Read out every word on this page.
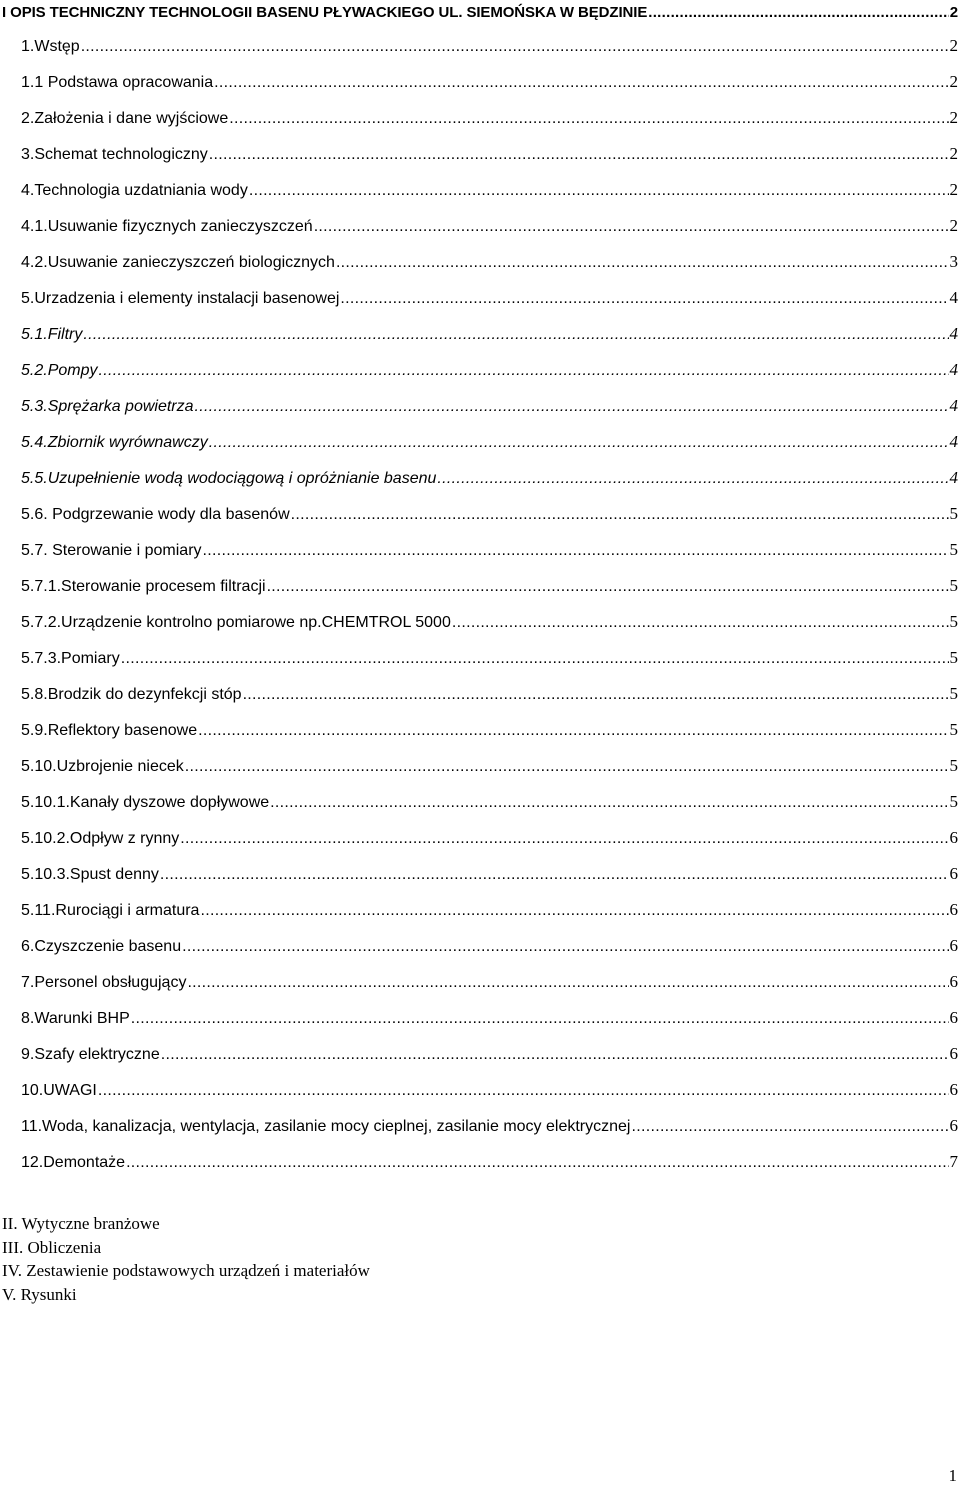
I OPIS TECHNICZNY TECHNOLOGII BASENU PŁYWACKIEGO UL. SIEMOŃSKA W BĘDZINIE .....	2
1.Wstęp .....	2
1.1 Podstawa opracowania .....	2
2.Założenia i dane wyjściowe .....	2
3.Schemat technologiczny .....	2
4.Technologia uzdatniania wody .....	2
4.1.Usuwanie fizycznych zanieczyszczeń .....	2
4.2.Usuwanie zanieczyszczeń biologicznych .....	3
5.Urzadzenia i elementy instalacji basenowej .....	4
5.1.Filtry .....	4
5.2.Pompy .....	4
5.3.Sprężarka powietrza .....	4
5.4.Zbiornik wyrównawczy .....	4
5.5.Uzupełnienie wodą wodociągową i opróżnianie basenu .....	4
5.6. Podgrzewanie wody dla basenów .....	5
5.7. Sterowanie i pomiary .....	5
5.7.1.Sterowanie procesem filtracji .....	5
5.7.2.Urządzenie kontrolno pomiarowe np.CHEMTROL 5000 .....	5
5.7.3.Pomiary .....	5
5.8.Brodzik do dezynfekcji stóp .....	5
5.9.Reflektory basenowe .....	5
5.10.Uzbrojenie niecek .....	5
5.10.1.Kanały dyszowe dopływowe .....	5
5.10.2.Odpływ z rynny .....	6
5.10.3.Spust denny .....	6
5.11.Rurociągi i armatura .....	6
6.Czyszczenie basenu .....	6
7.Personel obsługujący .....	6
8.Warunki BHP .....	6
9.Szafy elektryczne .....	6
10.UWAGI .....	6
11.Woda, kanalizacja, wentylacja, zasilanie mocy cieplnej, zasilanie mocy elektrycznej .....	6
12.Demontaże .....	7
II. Wytyczne branżowe
III. Obliczenia
IV. Zestawienie podstawowych urządzeń i materiałów
V. Rysunki
1
